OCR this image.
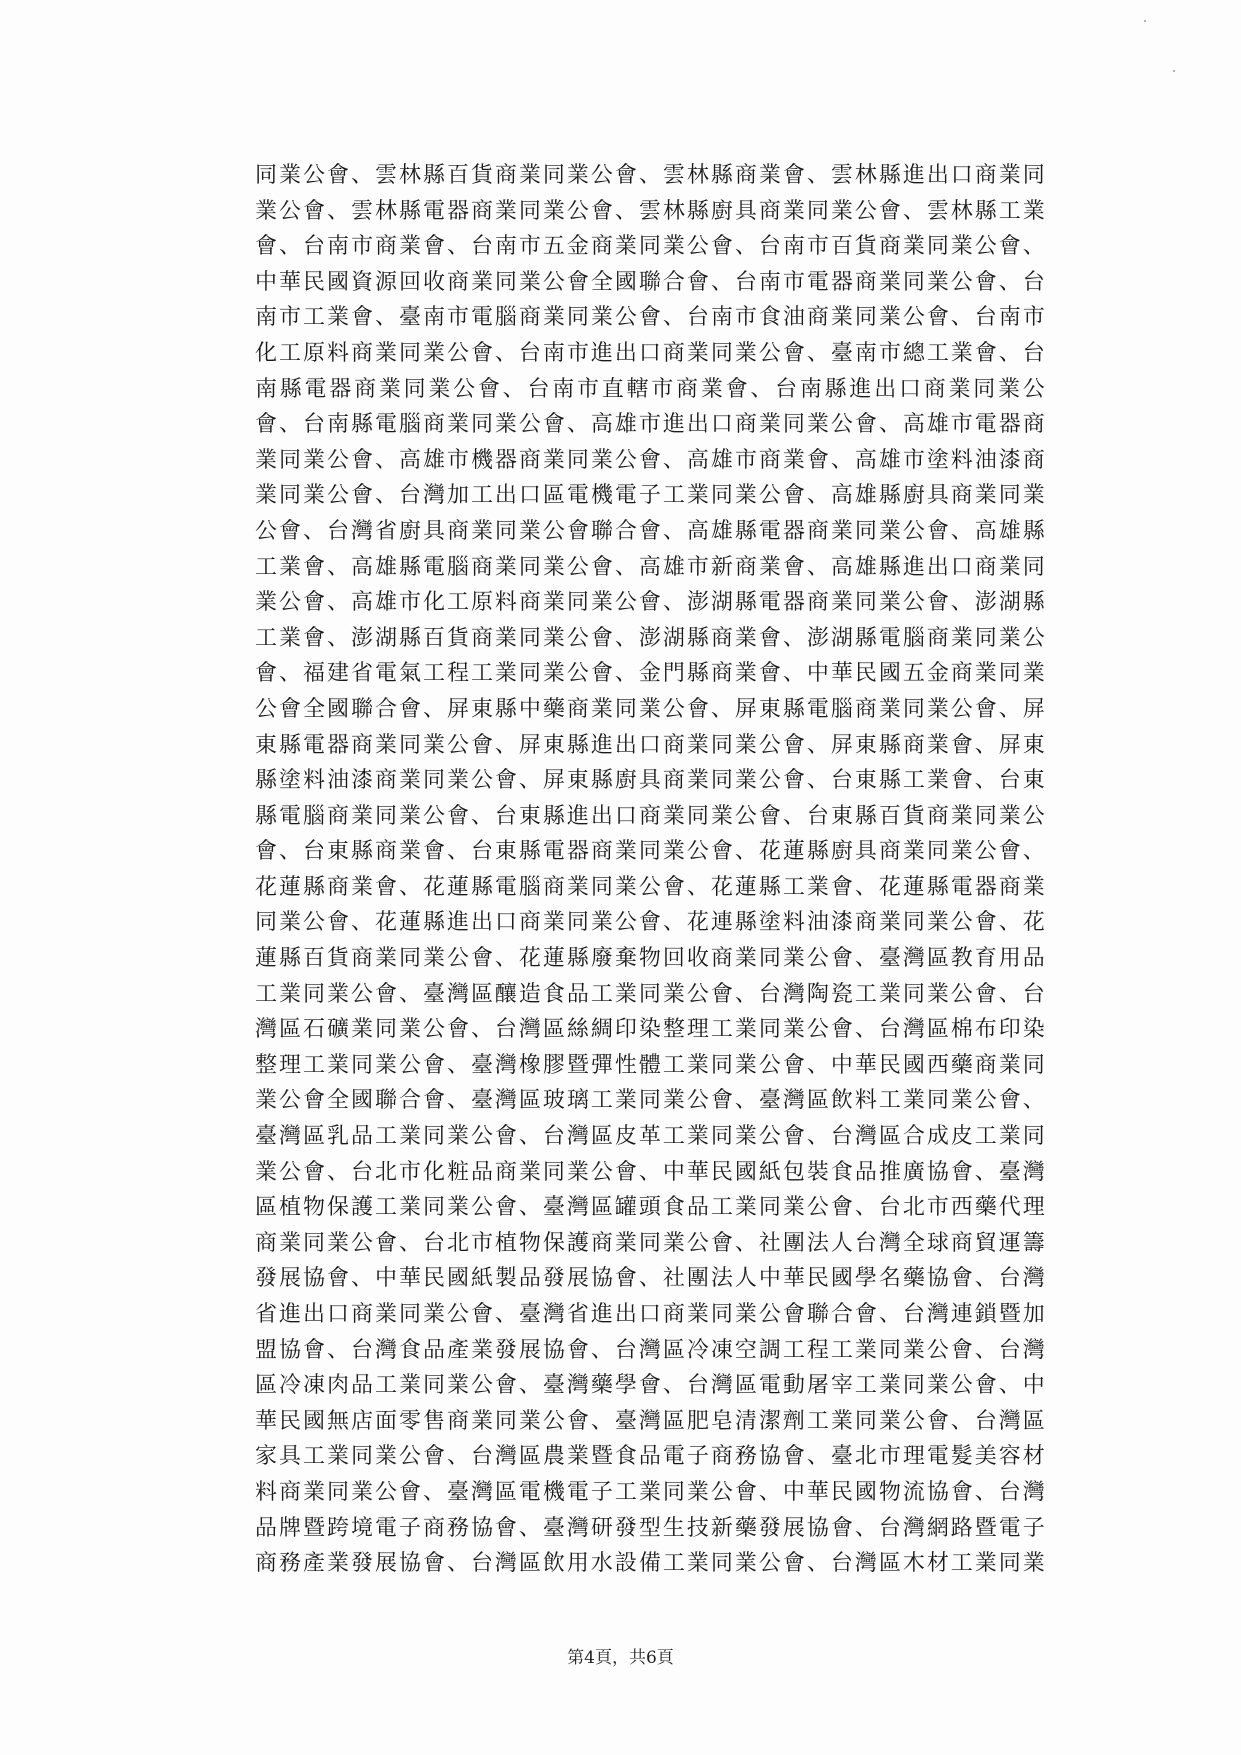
同業公會、雲林縣百貨商業同業公會、雲林縣商業會、雲林縣進出口商業同
業公會、雲林縣電器商業同業公會、雲林縣廚具商業同業公會、雲林縣工業
會、台南市商業會、台南市五金商業同業公會、台南市百貨商業同業公會、
中華民國資源回收商業同業公會全國聯合會、台南市電器商業同業公會、台
南市工業會、臺南市電腦商業同業公會、台南市食油商業同業公會、台南市
化工原料商業同業公會、台南市進出口商業同業公會、臺南市總工業會、台
南縣電器商業同業公會、台南市直轄市商業會、台南縣進出口商業同業公
會、台南縣電腦商業同業公會、高雄市進出口商業同業公會、高雄市電器商
業同業公會、高雄市機器商業同業公會、高雄市商業會、高雄市塗料油漆商
業同業公會、台灣加工出口區電機電子工業同業公會、高雄縣廚具商業同業
公會、台灣省廚具商業同業公會聯合會、高雄縣電器商業同業公會、高雄縣
工業會、高雄縣電腦商業同業公會、高雄市新商業會、高雄縣進出口商業同
業公會、高雄市化工原料商業同業公會、澎湖縣電器商業同業公會、澎湖縣
工業會、澎湖縣百貨商業同業公會、澎湖縣商業會、澎湖縣電腦商業同業公
會、福建省電氣工程工業同業公會、金門縣商業會、中華民國五金商業同業
公會全國聯合會、屏東縣中藥商業同業公會、屏東縣電腦商業同業公會、屏
東縣電器商業同業公會、屏東縣進出口商業同業公會、屏東縣商業會、屏東
縣塗料油漆商業同業公會、屏東縣廚具商業同業公會、台東縣工業會、台東
縣電腦商業同業公會、台東縣進出口商業同業公會、台東縣百貨商業同業公
會、台東縣商業會、台東縣電器商業同業公會、花蓮縣廚具商業同業公會、
花蓮縣商業會、花蓮縣電腦商業同業公會、花蓮縣工業會、花蓮縣電器商業
同業公會、花蓮縣進出口商業同業公會、花連縣塗料油漆商業同業公會、花
蓮縣百貨商業同業公會、花蓮縣廢棄物回收商業同業公會、臺灣區教育用品
工業同業公會、臺灣區釀造食品工業同業公會、台灣陶瓷工業同業公會、台
灣區石礦業同業公會、台灣區絲綢印染整理工業同業公會、台灣區棉布印染
整理工業同業公會、臺灣橡膠暨彈性體工業同業公會、中華民國西藥商業同
業公會全國聯合會、臺灣區玻璃工業同業公會、臺灣區飲料工業同業公會、
臺灣區乳品工業同業公會、台灣區皮革工業同業公會、台灣區合成皮工業同
業公會、台北市化粧品商業同業公會、中華民國紙包裝食品推廣協會、臺灣
區植物保護工業同業公會、臺灣區罐頭食品工業同業公會、台北市西藥代理
商業同業公會、台北市植物保護商業同業公會、社團法人台灣全球商貿運籌
發展協會、中華民國紙製品發展協會、社團法人中華民國學名藥協會、台灣
省進出口商業同業公會、臺灣省進出口商業同業公會聯合會、台灣連鎖暨加
盟協會、台灣食品產業發展協會、台灣區冷凍空調工程工業同業公會、台灣
區冷凍肉品工業同業公會、臺灣藥學會、台灣區電動屠宰工業同業公會、中
華民國無店面零售商業同業公會、臺灣區肥皂清潔劑工業同業公會、台灣區
家具工業同業公會、台灣區農業暨食品電子商務協會、臺北市理電髮美容材
料商業同業公會、臺灣區電機電子工業同業公會、中華民國物流協會、台灣
品牌暨跨境電子商務協會、臺灣研發型生技新藥發展協會、台灣網路暨電子
商務產業發展協會、台灣區飲用水設備工業同業公會、台灣區木材工業同業
第4頁，共6頁
